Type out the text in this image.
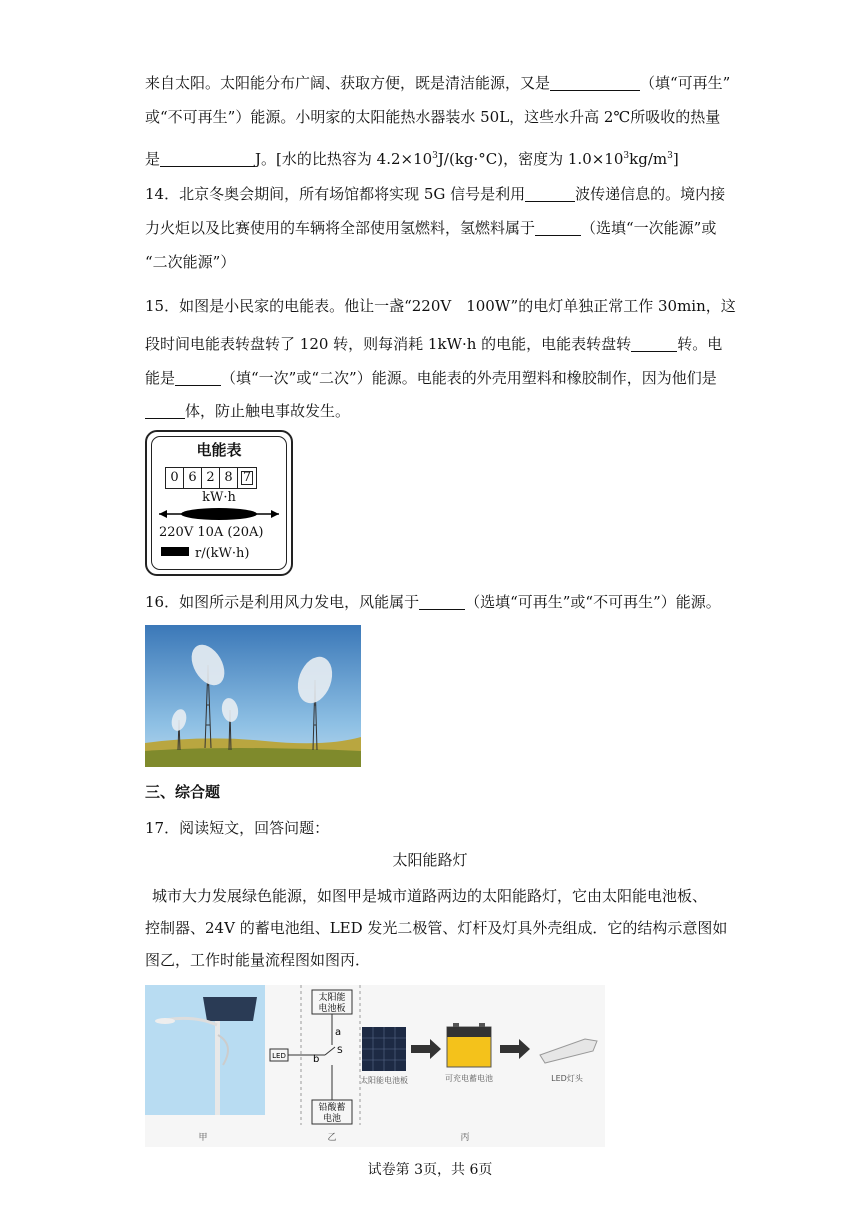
来自太阳。太阳能分布广阔、获取方便，既是清洁能源，又是	（填“可再生”
或“不可再生”）能源。小明家的太阳能热水器装水 50L，这些水升高 2℃所吸收的热量
是	J。[水的比热容为 $4.2\times 10^3J/(kg\cdot^\circ C)$，密度为 $1.0\times 10^3kg/m^3$]
14．北京冬奥会期间，所有场馆都将实现 5G 信号是利用	波传递信息的。境内接
力火炬以及比赛使用的车辆将全部使用氢燃料，氢燃料属于	（选填“一次能源”或
“二次能源”）
15．如图是小民家的电能表。他让一盏“220V　100W”的电灯单独正常工作 30min，这
段时间电能表转盘转了 120 转，则每消耗 1kW·h 的电能，电能表转盘转	转。电
能是	（填“一次”或“二次”）能源。电能表的外壳用塑料和橡胶制作，因为他们是
体，防止触电事故发生。
电能表
0 6 2 8 7
kW·h
220V 10A (20A)
r/(kW·h)
16．如图所示是利用风力发电，风能属于	（选填“可再生”或“不可再生”）能源。
三、综合题
17．阅读短文，回答问题：
太阳能路灯
城市大力发展绿色能源，如图甲是城市道路两边的太阳能路灯，它由太阳能电池板、
控制器、24V 的蓄电池组、LED 发光二极管、灯杆及灯具外壳组成．它的结构示意图如
图乙，工作时能量流程图如图丙．
太阳能
电池板
铅酸蓄
电池
LED
a
b
S
太阳能电池板	可充电蓄电池	LED灯头
甲	乙	丙
试卷第 3页，共 6页
